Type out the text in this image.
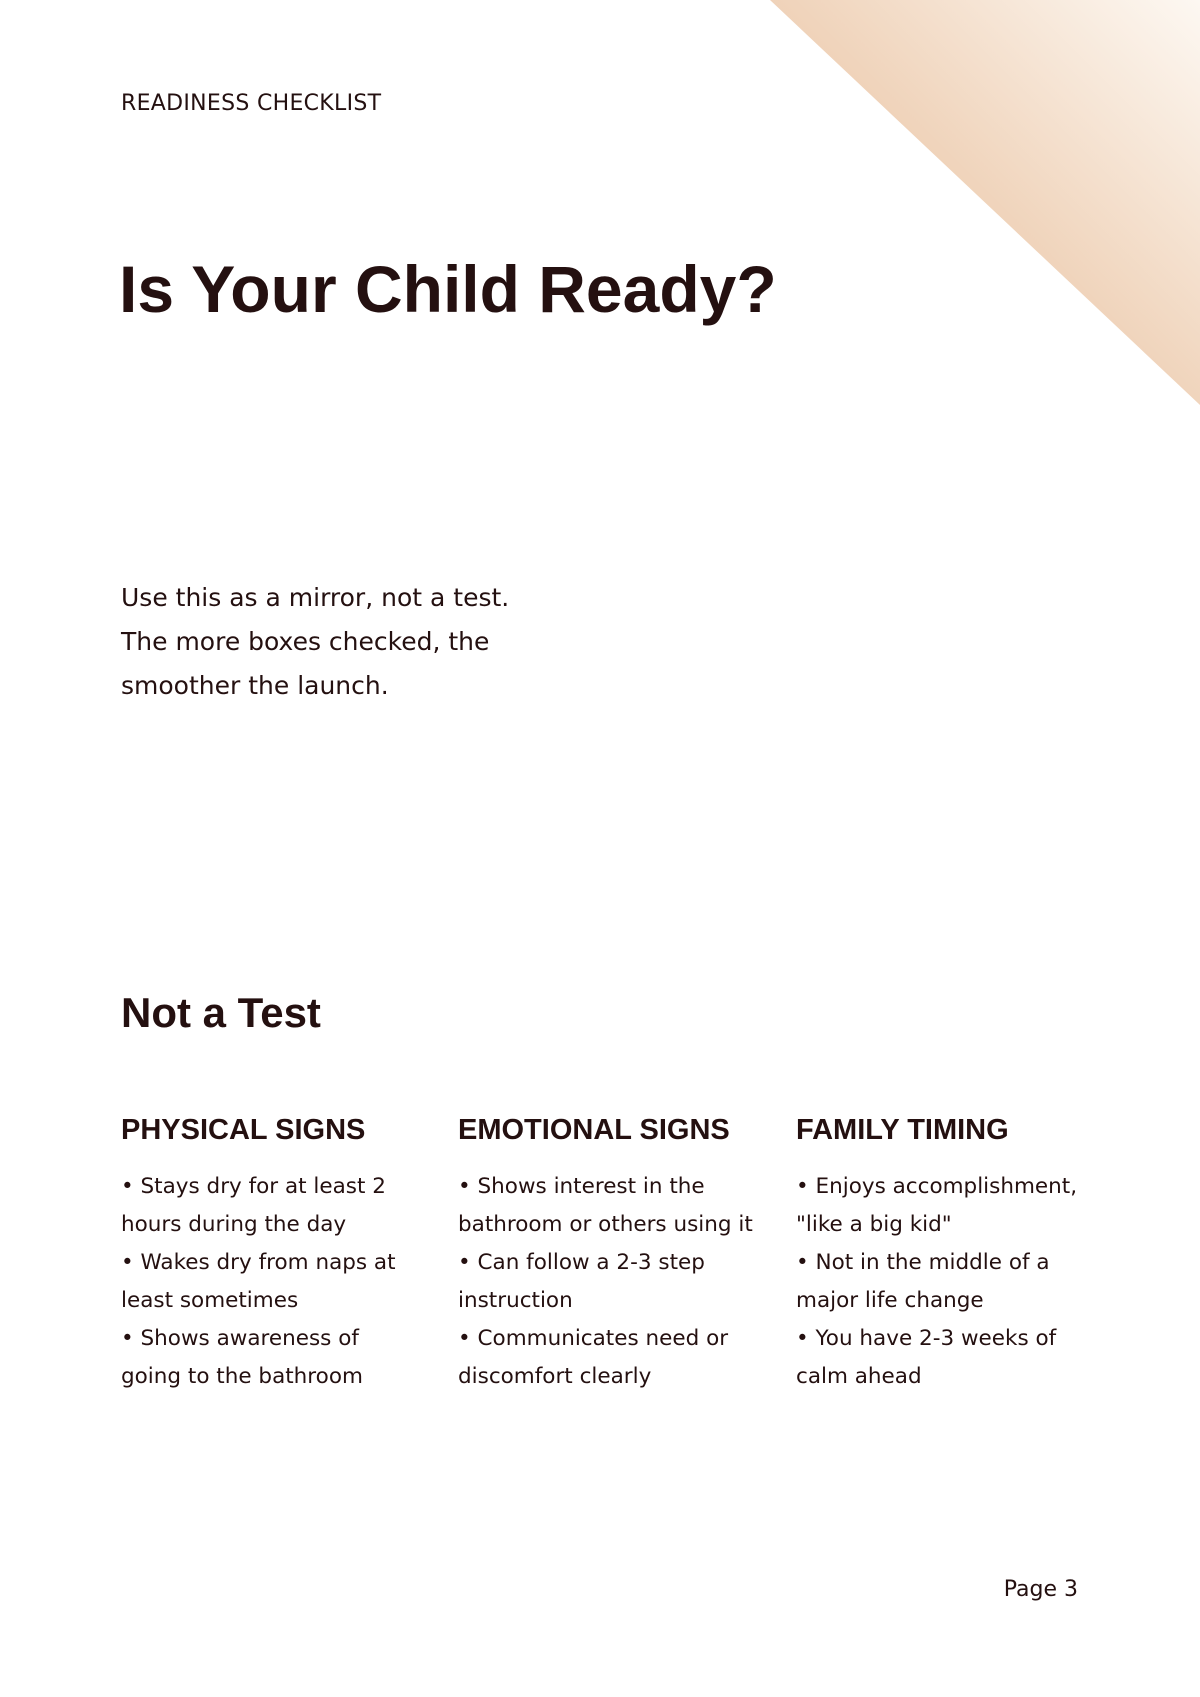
READINESS CHECKLIST
Is Your Child Ready?

Use this as a mirror, not a test. The more boxes checked, the smoother the launch.

Not a Test
PHYSICAL SIGNS
• Stays dry for at least 2 hours during the day
• Wakes dry from naps at least sometimes
• Shows awareness of going to the bathroom
EMOTIONAL SIGNS
• Shows interest in the bathroom or others using it
• Can follow a 2-3 step instruction
• Communicates need or discomfort clearly
FAMILY TIMING
• Enjoys accomplishment, "like a big kid"
• Not in the middle of a major life change
• You have 2-3 weeks of calm ahead
Page 3
